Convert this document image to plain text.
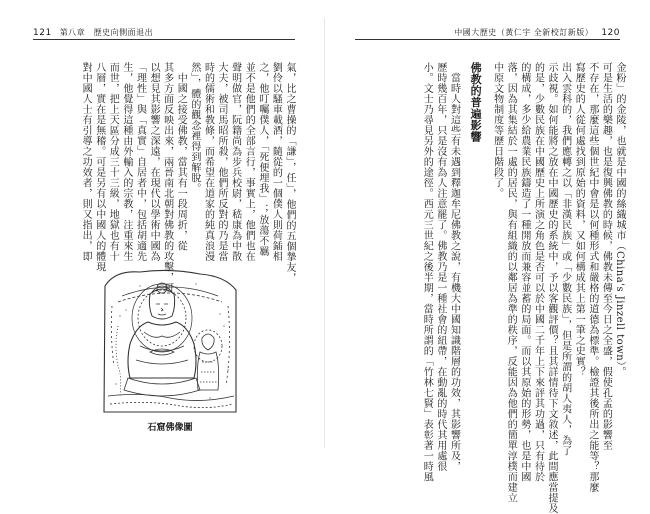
121 第八章　歷史向側面退出
氣，比之曹操的「謙」，任」，他們的五個摯友，
劉伶以騷車載酒，隨從的一個僕人則荷鍤相
之，他叮囑僕人，「死便埋我」；放蕩不羈
並不是他們的全部言行，事實上，他們也在
聲明做官，阮籍尚為步兵校尉，嵇康為中散
大夫，被司馬昭所殺，他們所反對的乃是當
時的儒術和教條，而希望在道家的純真浪漫
然」，體的觀念裡得到解脫。
　中國之接受佛教，當其有一段周折，從
其多方面反映出來，兩晉南北朝對佛教的攻擊，可
以想見其影響之深遠，在現代以學術中國為
「理性」與「真實」自居者中，包括胡適先
生，他覺得這種由外輸入的宗教，注重來生
而世，把上天區分成三十三級，地獄也有十
八層，實在是無稽。可是另有以中國人的體現
對中國人士有引導之功效者，則又指出，即
石窟佛像圖
中國大歷史（黃仁宇 全新校訂新版） 120
金粉」的金陵，也就是中國的絲織城市（China's Jinzell town）。
可是生活的樂趣，也是復興佛教的時候，佛教未傳至今日之全盛，假使孔孟的影響至
不存在，那麼這些個世紀中會是以何種形式和嚴格的道德為標準。檢證其後所出之能等？那麼
寫歷史的人從何處找到原始的資料，又如何構成其上第一筆之史實？
出入雲科的，我們應轉之以「非漢民族」或「少數民族」，但是所謂的胡人夷人，為了
示歧視。如何能將之放在中國歷史的系統中，予以客觀評價？且其詳情待下文敘述，此間應當提及
的是，少數民族在中國歷史上所演之角色是否可以於中國二千年上下來評其功過，只有待於
的構成，多少給農業民族鑄造了一種開放而兼容並蓄的局面。而以其原始的形勢，也是中國
落，因為其集結於一處的居民，與有組織的以鄰居為準的秩序，反能因為他們的簡單淳樸而建立
中原文物制度等歷日階段了。
佛教的普遍影響
　當時人對這些有未遇到釋迦牟尼佛教之說，有機大中國知識階層的功效，其影響所及，
歷時幾百年，只是沒有為人注意罷了。佛教乃是一種社會的紐帶，在動亂的時代其用處很
小。文士乃尋見另外的途徑。西元三世紀之後半期，當時所謂的「竹林七賢」表彰著一時風
